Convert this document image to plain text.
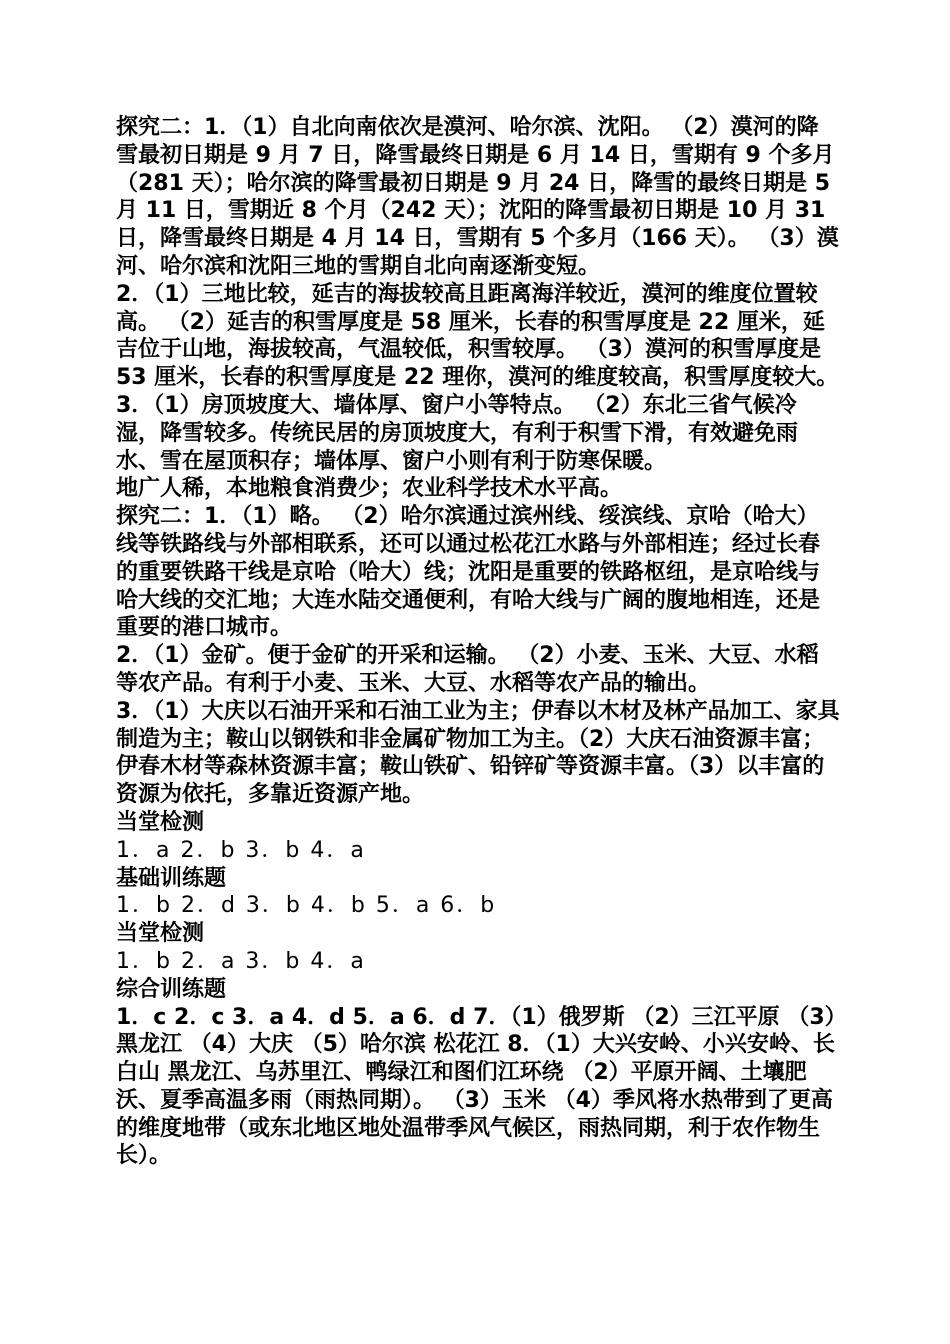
探究二：1．（1）自北向南依次是漠河、哈尔滨、沈阳。 （2）漠河的降雪最初日期是 9 月 7 日，降雪最终日期是 6 月 14 日，雪期有 9 个多月（281 天）；哈尔滨的降雪最初日期是 9 月 24 日，降雪的最终日期是 5 月 11 日，雪期近 8 个月（242 天）；沈阳的降雪最初日期是 10 月 31 日，降雪最终日期是 4 月 14 日，雪期有 5 个多月（166 天）。 （3）漠河、哈尔滨和沈阳三地的雪期自北向南逐渐变短。

2．（1）三地比较，延吉的海拔较高且距离海洋较近，漠河的维度位置较高。 （2）延吉的积雪厚度是 58 厘米，长春的积雪厚度是 22 厘米，延吉位于山地，海拔较高，气温较低，积雪较厚。 （3）漠河的积雪厚度是 53 厘米，长春的积雪厚度是 22 理你，漠河的维度较高，积雪厚度较大。

3．（1）房顶坡度大、墙体厚、窗户小等特点。 （2）东北三省气候冷湿，降雪较多。传统民居的房顶坡度大，有利于积雪下滑，有效避免雨水、雪在屋顶积存；墙体厚、窗户小则有利于防寒保暖。

地广人稀，本地粮食消费少；农业科学技术水平高。

探究二：1．（1）略。 （2）哈尔滨通过滨州线、绥滨线、京哈（哈大）线等铁路线与外部相联系，还可以通过松花江水路与外部相连；经过长春的重要铁路干线是京哈（哈大）线；沈阳是重要的铁路枢纽，是京哈线与哈大线的交汇地；大连水陆交通便利，有哈大线与广阔的腹地相连，还是重要的港口城市。

2．（1）金矿。便于金矿的开采和运输。 （2）小麦、玉米、大豆、水稻等农产品。有利于小麦、玉米、大豆、水稻等农产品的输出。

3．（1）大庆以石油开采和石油工业为主；伊春以木材及林产品加工、家具制造为主；鞍山以钢铁和非金属矿物加工为主。（2）大庆石油资源丰富；伊春木材等森林资源丰富；鞍山铁矿、铅锌矿等资源丰富。（3）以丰富的资源为依托，多靠近资源产地。

当堂检测

1．a 2．b 3．b 4．a

基础训练题

1．b 2．d 3．b 4．b 5．a 6．b

当堂检测

1．b 2．a 3．b 4．a

综合训练题

1．c 2．c 3．a 4．d 5．a 6．d 7．（1）俄罗斯 （2）三江平原 （3）黑龙江 （4）大庆 （5）哈尔滨 松花江 8．（1）大兴安岭、小兴安岭、长白山 黑龙江、乌苏里江、鸭绿江和图们江环绕 （2）平原开阔、土壤肥沃、夏季高温多雨（雨热同期）。 （3）玉米 （4）季风将水热带到了更高的维度地带（或东北地区地处温带季风气候区，雨热同期，利于农作物生长）。
